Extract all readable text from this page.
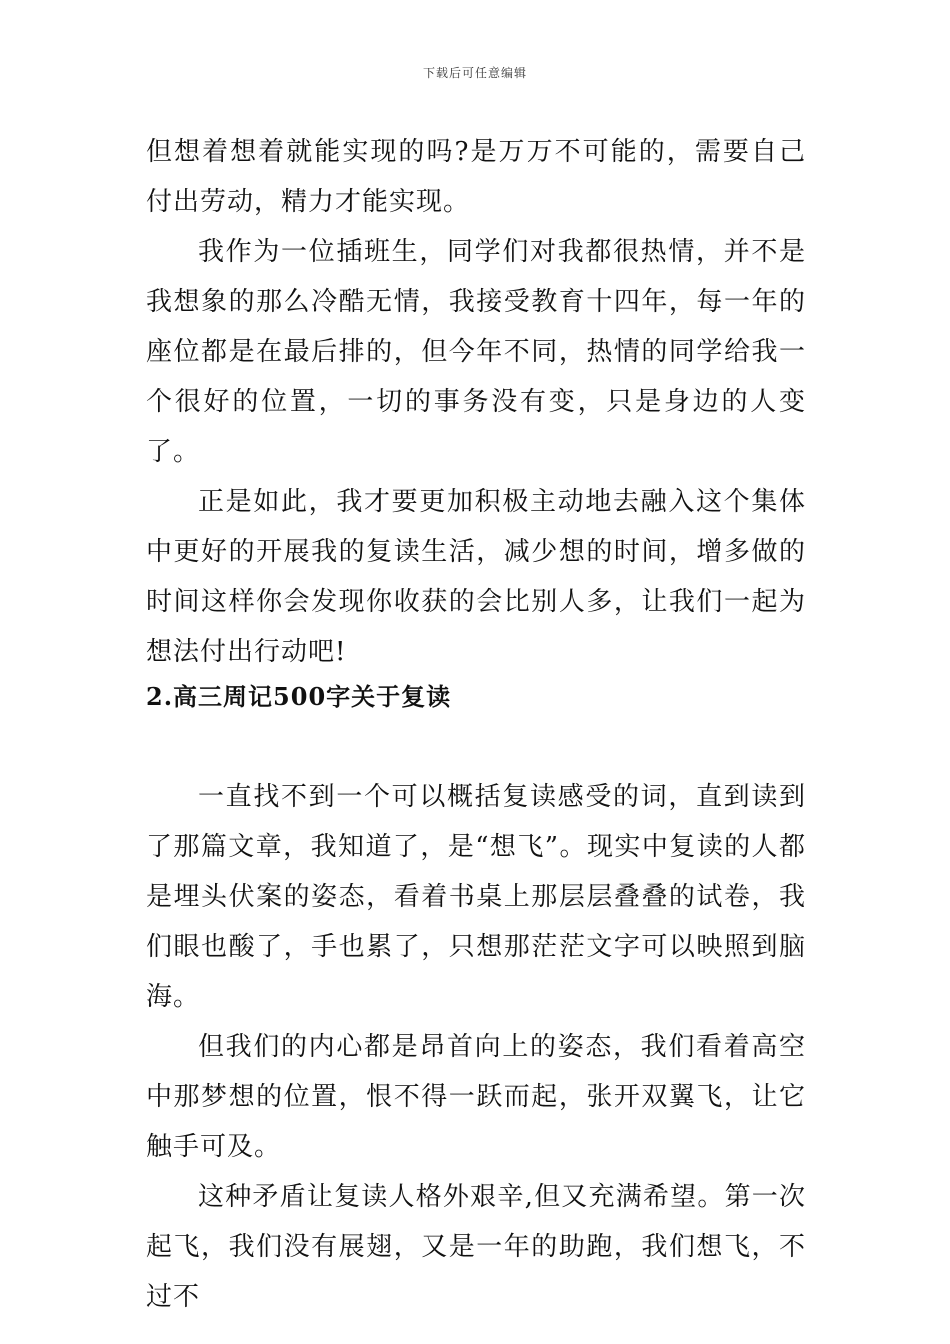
下载后可任意编辑

但想着想着就能实现的吗?是万万不可能的，需要自己付出劳动，精力才能实现。

我作为一位插班生，同学们对我都很热情，并不是我想象的那么冷酷无情，我接受教育十四年，每一年的座位都是在最后排的，但今年不同，热情的同学给我一个很好的位置，一切的事务没有变，只是身边的人变了。

正是如此，我才要更加积极主动地去融入这个集体中更好的开展我的复读生活，减少想的时间，增多做的时间这样你会发现你收获的会比别人多，让我们一起为想法付出行动吧!

2.高三周记500字关于复读

一直找不到一个可以概括复读感受的词，直到读到了那篇文章，我知道了，是“想飞”。现实中复读的人都是埋头伏案的姿态，看着书桌上那层层叠叠的试卷，我们眼也酸了，手也累了，只想那茫茫文字可以映照到脑海。

但我们的内心都是昂首向上的姿态，我们看着高空中那梦想的位置，恨不得一跃而起，张开双翼飞，让它触手可及。

这种矛盾让复读人格外艰辛,但又充满希望。第一次起飞，我们没有展翅，又是一年的助跑，我们想飞，不过不
